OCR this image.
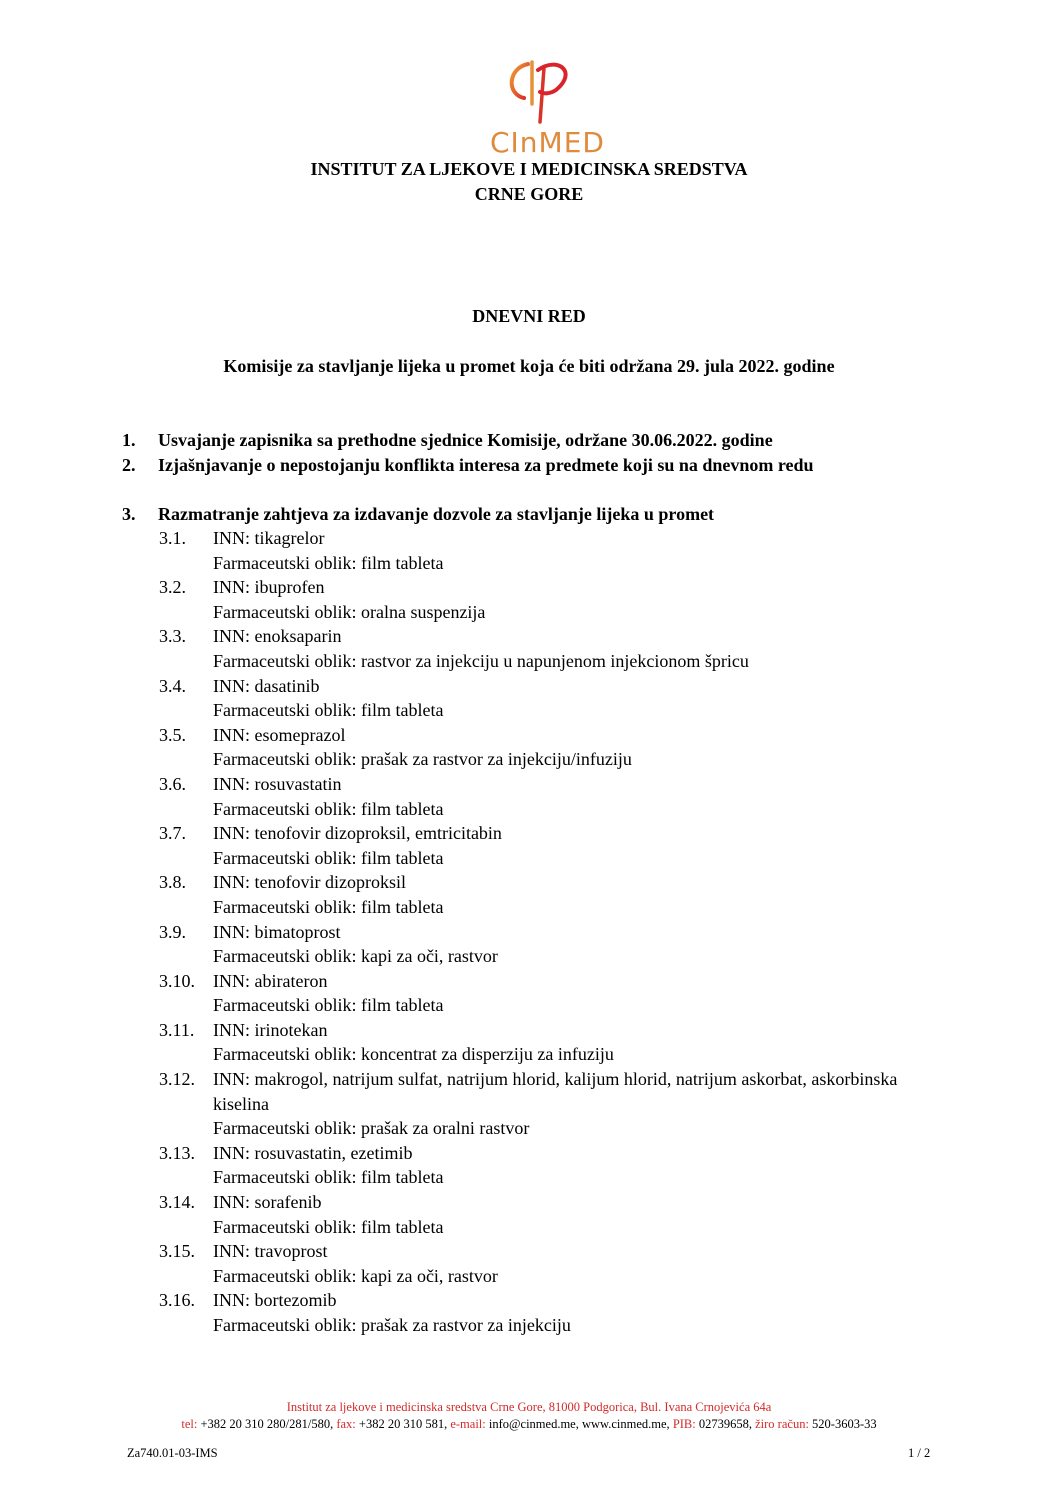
CInMED
INSTITUT ZA LJEKOVE I MEDICINSKA SREDSTVA
CRNE GORE
DNEVNI RED
Komisije za stavljanje lijeka u promet koja će biti održana 29. jula 2022. godine
1.	Usvajanje zapisnika sa prethodne sjednice Komisije, održane 30.06.2022. godine
2.	Izjašnjavanje o nepostojanju konflikta interesa za predmete koji su na dnevnom redu
3.	Razmatranje zahtjeva za izdavanje dozvole za stavljanje lijeka u promet
3.1. INN: tikagrelor
Farmaceutski oblik: film tableta
3.2. INN: ibuprofen
Farmaceutski oblik: oralna suspenzija
3.3. INN: enoksaparin
Farmaceutski oblik: rastvor za injekciju u napunjenom injekcionom špricu
3.4. INN: dasatinib
Farmaceutski oblik: film tableta
3.5. INN: esomeprazol
Farmaceutski oblik: prašak za rastvor za injekciju/infuziju
3.6. INN: rosuvastatin
Farmaceutski oblik: film tableta
3.7. INN: tenofovir dizoproksil, emtricitabin
Farmaceutski oblik: film tableta
3.8. INN: tenofovir dizoproksil
Farmaceutski oblik: film tableta
3.9. INN: bimatoprost
Farmaceutski oblik: kapi za oči, rastvor
3.10. INN: abirateron
Farmaceutski oblik: film tableta
3.11. INN: irinotekan
Farmaceutski oblik: koncentrat za disperziju za infuziju
3.12. INN: makrogol, natrijum sulfat, natrijum hlorid, kalijum hlorid, natrijum askorbat, askorbinska kiselina
Farmaceutski oblik: prašak za oralni rastvor
3.13. INN: rosuvastatin, ezetimib
Farmaceutski oblik: film tableta
3.14. INN: sorafenib
Farmaceutski oblik: film tableta
3.15. INN: travoprost
Farmaceutski oblik: kapi za oči, rastvor
3.16. INN: bortezomib
Farmaceutski oblik: prašak za rastvor za injekciju
Institut za ljekove i medicinska sredstva Crne Gore, 81000 Podgorica, Bul. Ivana Crnojevića 64a
tel: +382 20 310 280/281/580, fax: +382 20 310 581, e-mail: info@cinmed.me, www.cinmed.me, PIB: 02739658, žiro račun: 520-3603-33
Za740.01-03-IMS	1 / 2
